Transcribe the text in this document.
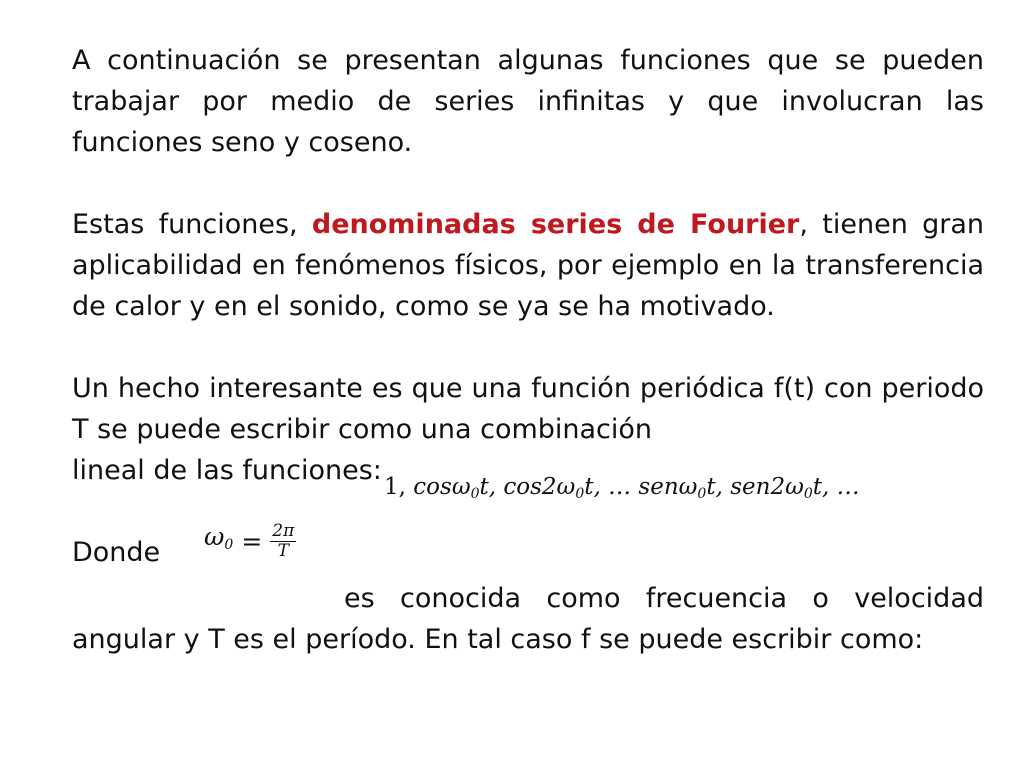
A continuación se presentan algunas funciones que se pueden trabajar por medio de series infinitas y que involucran las funciones seno y coseno.

Estas funciones, denominadas series de Fourier, tienen gran aplicabilidad en fenómenos físicos, por ejemplo en la transferencia de calor y en el sonido, como se ya se ha motivado.

Un hecho interesante es que una función periódica f(t) con periodo T se puede escribir como una combinación
lineal de las funciones:

Donde
$\omega_0 = \frac{2\pi}{T}$
es conocida como frecuencia o velocidad angular y T es el período. En tal caso f se puede escribir como:
1, cosω$_0$t, $\cos 2\omega_0t$, … senω$_0$t, $sen2\omega_0t$, …
